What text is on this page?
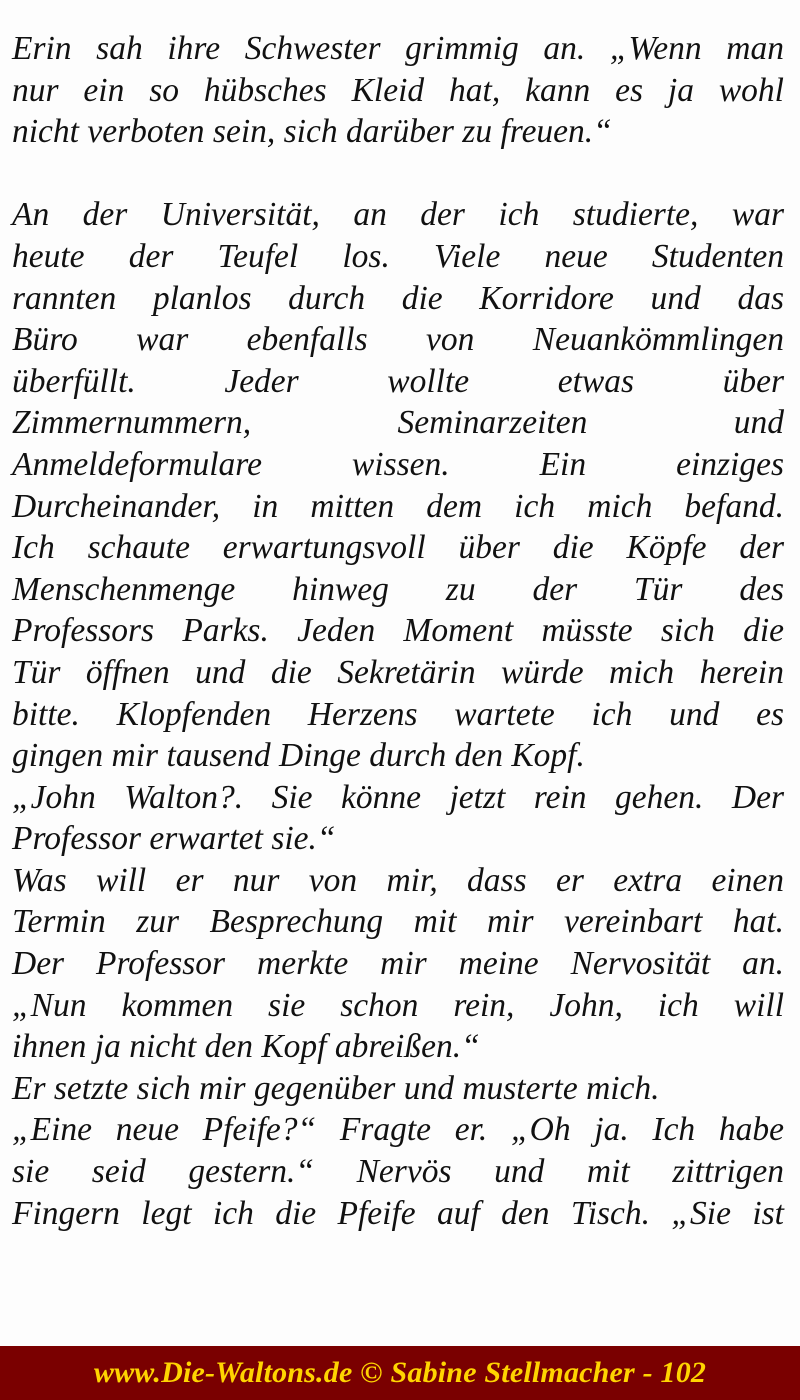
Erin sah ihre Schwester grimmig an. „Wenn man
nur ein so hübsches Kleid hat, kann es ja wohl
nicht verboten sein, sich darüber zu freuen.“
An der Universität, an der ich studierte, war
heute der Teufel los. Viele neue Studenten
rannten planlos durch die Korridore und das
Büro war ebenfalls von Neuankömmlingen
überfüllt. Jeder wollte etwas über
Zimmernummern, Seminarzeiten und
Anmeldeformulare wissen. Ein einziges
Durcheinander, in mitten dem ich mich befand.
Ich schaute erwartungsvoll über die Köpfe der
Menschenmenge hinweg zu der Tür des
Professors Parks. Jeden Moment müsste sich die
Tür öffnen und die Sekretärin würde mich herein
bitte. Klopfenden Herzens wartete ich und es
gingen mir tausend Dinge durch den Kopf.
„John Walton?. Sie könne jetzt rein gehen. Der
Professor erwartet sie.“
Was will er nur von mir, dass er extra einen
Termin zur Besprechung mit mir vereinbart hat.
Der Professor merkte mir meine Nervosität an.
„Nun kommen sie schon rein, John, ich will
ihnen ja nicht den Kopf abreißen.“
Er setzte sich mir gegenüber und musterte mich.
„Eine neue Pfeife?“ Fragte er. „Oh ja. Ich habe
sie seid gestern.“ Nervös und mit zittrigen
Fingern legt ich die Pfeife auf den Tisch. „Sie ist
www.Die-Waltons.de © Sabine Stellmacher - 102
